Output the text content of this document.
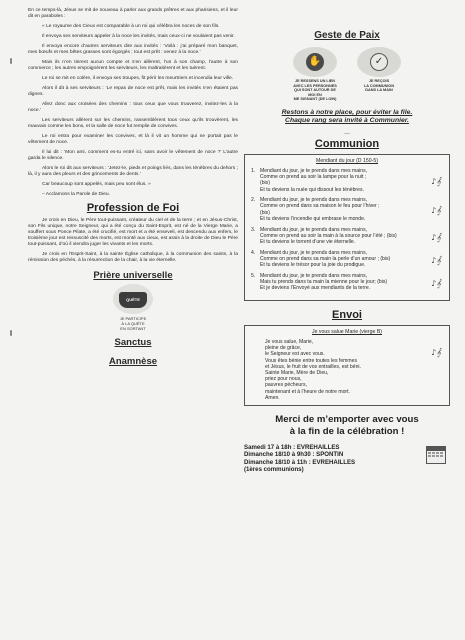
En ce temps-là, Jésus se mit de nouveau à parler aux grands prêtres et aux pharisiens, et il leur dit en paraboles :

« Le royaume des Cieux est comparable à un roi qui célébra les noces de son fils.

Il envoya ses serviteurs appeler à la noce les invités, mais ceux-ci ne voulaient pas venir.

Il envoya encore d’autres serviteurs dire aux invités : ‘Voilà : j’ai préparé mon banquet, mes bœufs et mes bêtes grasses sont égorgés ; tout est prêt : venez à la noce.’

Mais ils n’en tinrent aucun compte et s’en allèrent, l’un à son champ, l’autre à son commerce ; les autres empoignèrent les serviteurs, les maltraitèrent et les tuèrent.

Le roi se mit en colère, il envoya ses troupes, fit périr les meurtriers et incendia leur ville.

Alors il dit à ses serviteurs : ‘Le repas de noce est prêt, mais les invités n’en étaient pas dignes.

Allez donc aux croisées des chemins : tous ceux que vous trouverez, invitez-les à la noce.’

Les serviteurs allèrent sur les chemins, rassemblèrent tous ceux qu’ils trouvèrent, les mauvais comme les bons, et la salle de noce fut remplie de convives.

Le roi entra pour examiner les convives, et là il vit un homme qui ne portait pas le vêtement de noce.

Il lui dit : ‘Mon ami, comment es-tu entré ici, sans avoir le vêtement de noce ?’ L’autre garda le silence.

Alors le roi dit aux serviteurs : ‘Jetez-le, pieds et poings liés, dans les ténèbres du dehors ; là, il y aura des pleurs et des grincements de dents.’

Car beaucoup sont appelés, mais peu sont élus. »

– Acclamons la Parole de Dieu.

Profession de Foi

Je crois en Dieu, le Père tout-puissant, créateur du ciel et de la terre ; et en Jésus-Christ, son Fils unique, notre Seigneur, qui a été conçu du Saint-Esprit, est né de la Vierge Marie, a souffert sous Ponce Pilate, a été crucifié, est mort et a été enseveli, est descendu aux enfers, le troisième jour est ressuscité des morts, est monté aux cieux, est assis à la droite de Dieu le Père tout-puissant, d’où il viendra juger les vivants et les morts.

Je crois en l’Esprit-Saint, à la sainte Église catholique, à la communion des saints, à la rémission des péchés, à la résurrection de la chair, à la vie éternelle.

Prière universelle
QUÊTE
JE PARTICIPE
À LA QUÊTE
EN SORTANT
Sanctus
Anamnèse
Geste de Paix
✋
JE RESSENS UN LIEN
AVEC LES PERSONNES
QUI SONT AUTOUR DE
MOI EN
ME SIGNANT (DE LOIN)
✓
JE REÇOIS
LA COMMUNION
DANS LA MAIN
Restons à notre place, pour éviter la file.
Chaque rang sera invité à Communier.
...
Communion
Mendiant du jour (D 150-5)
1. Mendiant du jour, je te prends dans mes mains,
Comme on prend au soir la lampe pour la nuit ;
(bis)
Et tu deviens la nuée qui dissout les ténèbres.
♪𝄞
2. Mendiant du jour, je te prends dans mes mains,
Comme on prend dans sa maison le feu pour l’hiver ;
(bis)
Et tu deviens l’incendie qui embrase le monde.
♪𝄞
3. Mendiant du jour, je te prends dans mes mains,
Comme on prend au soir la main à la source pour l’été ; (bis)
Et tu deviens le torrent d’une vie éternelle.
♪𝄞
4. Mendiant du jour, je te prends dans mes mains,
Comme on prend dans sa main la perle d’un amour ; (bis)
Et tu deviens le trésor pour la joie du prodigue.
♪𝄞
5. Mendiant du jour, je te prends dans mes mains,
Mais tu prends dans ta main la mienne pour le jour; (bis)
Et je deviens l’Envoyé aux mendiants de la terre.
♪𝄞
Envoi
Je vous salue Marie (vierge B)
Je vous salue, Marie,
pleine de grâce,
le Seigneur est avec vous.
Vous êtes bénie entre toutes les femmes
et Jésus, le fruit de vos entrailles, est béni.
Sainte Marie, Mère de Dieu,
priez pour nous,
pauvres pécheurs,
maintenant et à l’heure de notre mort.
Amen.
♪𝄞
Merci de m’emporter avec vous
à la fin de la célébration !
Samedi 17 à 18h : EVREHAILLES
Dimanche 18/10 à 9h30 : SPONTIN
Dimanche 18/10 à 11h : EVREHAILLES
(1ères communions)
